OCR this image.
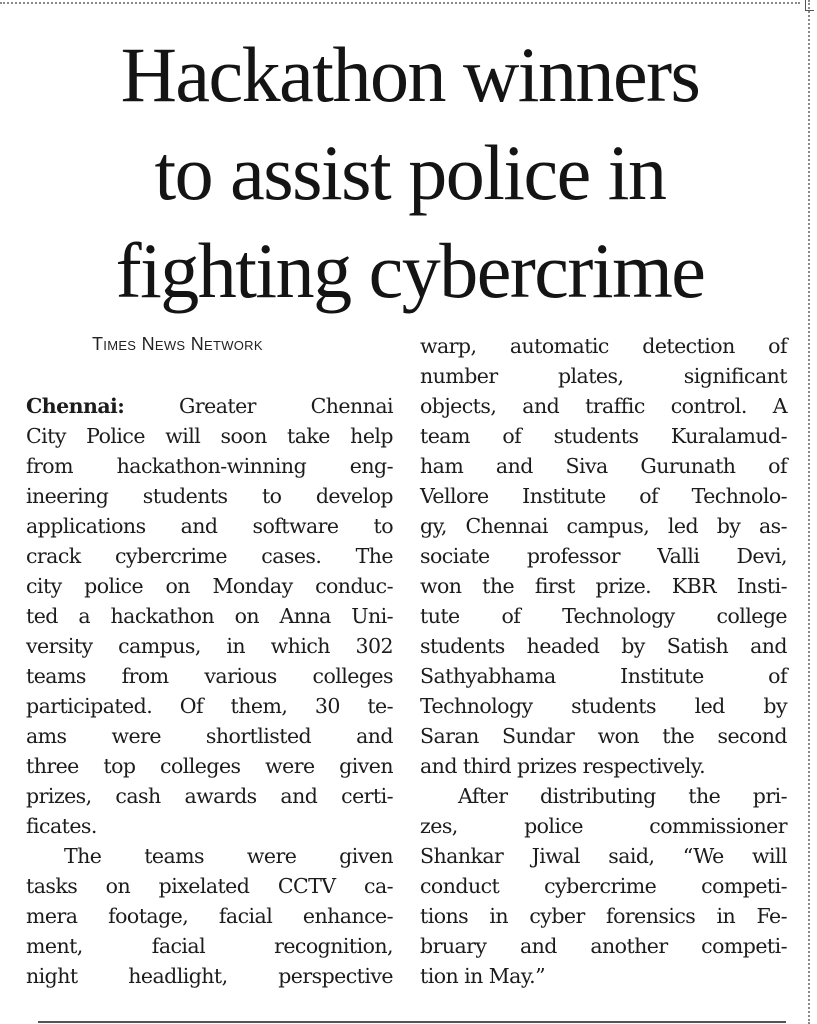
Hackathon winners
to assist police in
fighting cybercrime
Times News Network
Chennai: Greater Chennai
City Police will soon take help
from hackathon-winning eng-
ineering students to develop
applications and software to
crack cybercrime cases. The
city police on Monday conduc-
ted a hackathon on Anna Uni-
versity campus, in which 302
teams from various colleges
participated. Of them, 30 te-
ams were shortlisted and
three top colleges were given
prizes, cash awards and certi-
ficates.
The teams were given
tasks on pixelated CCTV ca-
mera footage, facial enhance-
ment, facial recognition,
night headlight, perspective
warp, automatic detection of
number plates, significant
objects, and traffic control. A
team of students Kuralamud-
ham and Siva Gurunath of
Vellore Institute of Technolo-
gy, Chennai campus, led by as-
sociate professor Valli Devi,
won the first prize. KBR Insti-
tute of Technology college
students headed by Satish and
Sathyabhama Institute of
Technology students led by
Saran Sundar won the second
and third prizes respectively.
After distributing the pri-
zes, police commissioner
Shankar Jiwal said, “We will
conduct cybercrime competi-
tions in cyber forensics in Fe-
bruary and another competi-
tion in May.”
